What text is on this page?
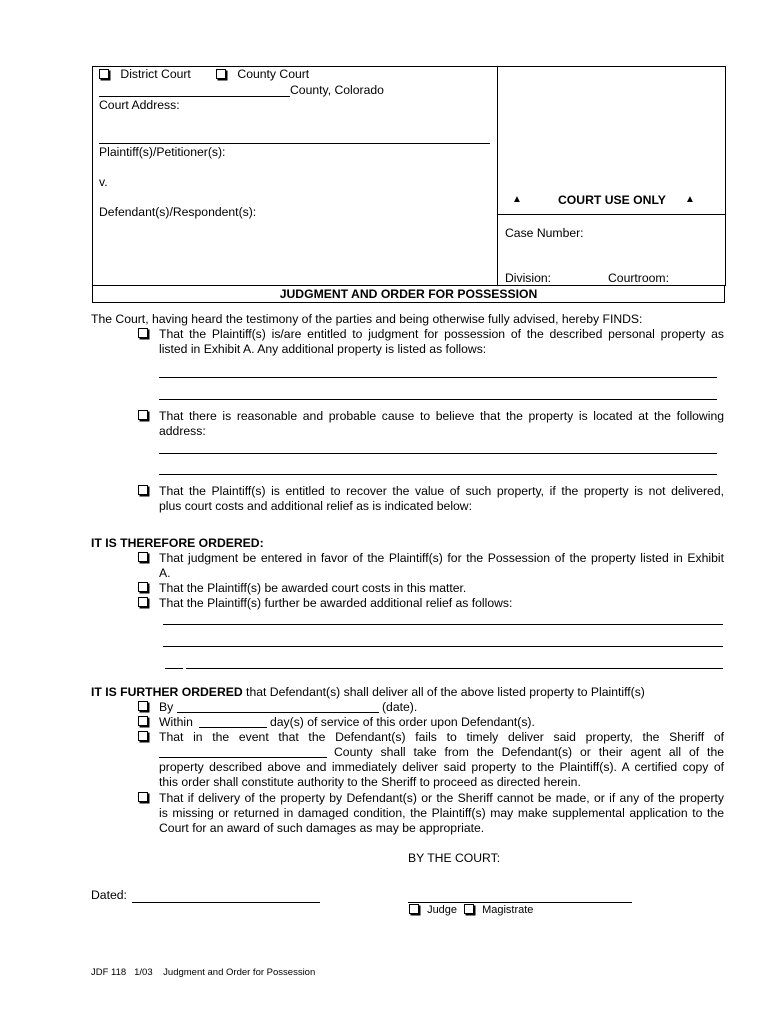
District Court	County Court
County, Colorado
Court Address:
Plaintiff(s)/Petitioner(s):
v.
Defendant(s)/Respondent(s):
▲	COURT USE ONLY ▲
Case Number:
Division:	Courtroom:
JUDGMENT AND ORDER FOR POSSESSION
The Court, having heard the testimony of the parties and being otherwise fully advised, hereby FINDS:
That the Plaintiff(s) is/are entitled to judgment for possession of the described personal property as
listed in Exhibit A. Any additional property is listed as follows:
That there is reasonable and probable cause to believe that the property is located at the following
address:
That the Plaintiff(s) is entitled to recover the value of such property, if the property is not delivered,
plus court costs and additional relief as is indicated below:
IT IS THEREFORE ORDERED:
That judgment be entered in favor of the Plaintiff(s) for the Possession of the property listed in Exhibit
A.
That the Plaintiff(s) be awarded court costs in this matter.
That the Plaintiff(s) further be awarded additional relief as follows:
IT IS FURTHER ORDERED that Defendant(s) shall deliver all of the above listed property to Plaintiff(s)
By	(date).
Within	day(s) of service of this order upon Defendant(s).
That in the event that the Defendant(s) fails to timely deliver said property, the Sheriff of
County shall take from the Defendant(s) or their agent all of the
property described above and immediately deliver said property to the Plaintiff(s). A certified copy of
this order shall constitute authority to the Sheriff to proceed as directed herein.
That if delivery of the property by Defendant(s) or the Sheriff cannot be made, or if any of the property
is missing or returned in damaged condition, the Plaintiff(s) may make supplemental application to the
Court for an award of such damages as may be appropriate.
BY THE COURT:
Dated:
Judge	Magistrate
JDF 118   1/03    Judgment and Order for Possession
